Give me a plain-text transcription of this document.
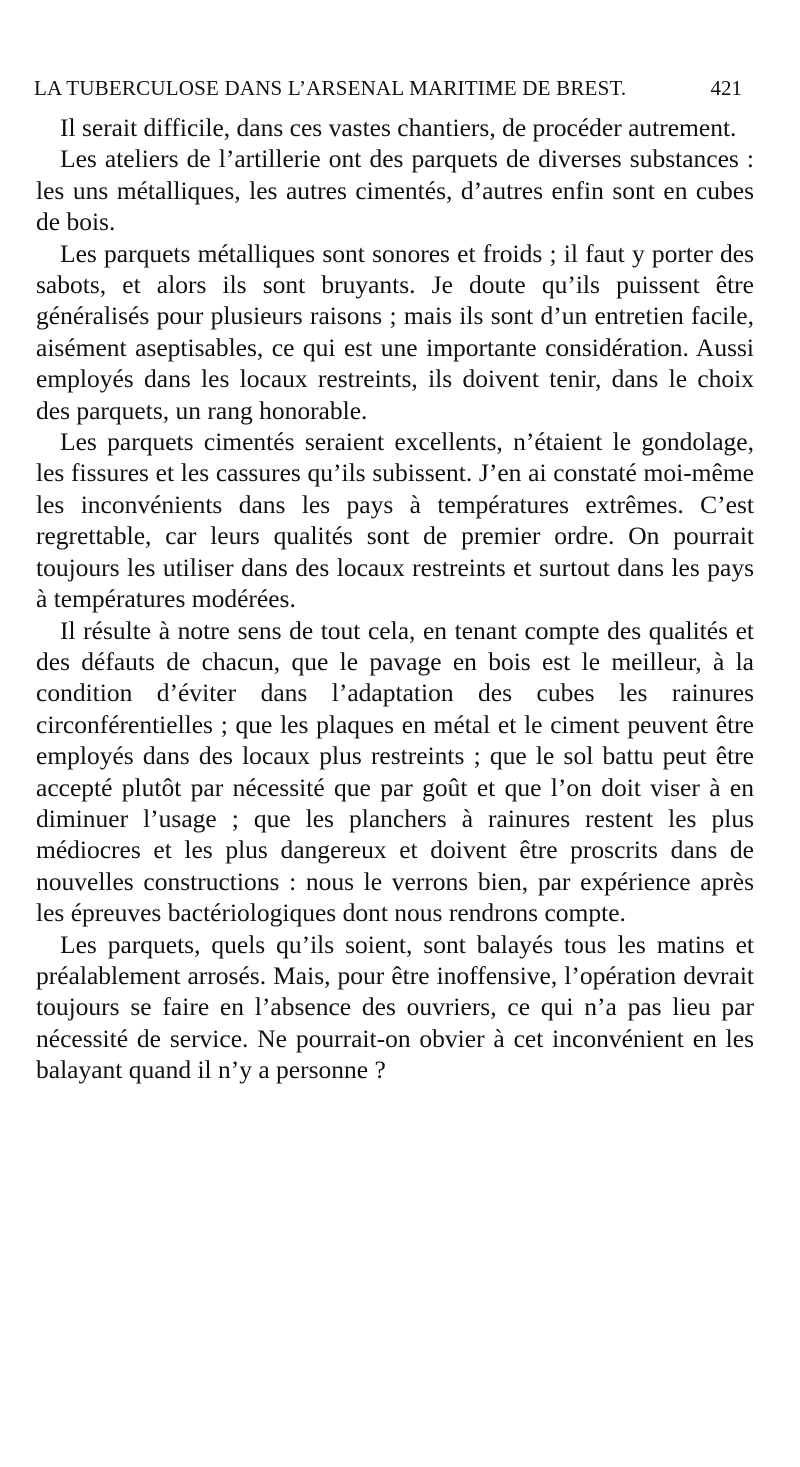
LA TUBERCULOSE DANS L’ARSENAL MARITIME DE BREST.	421

Il serait difficile, dans ces vastes chantiers, de procéder autrement.

Les ateliers de l’artillerie ont des parquets de diverses substances : les uns métalliques, les autres cimentés, d’autres enfin sont en cubes de bois.

Les parquets métalliques sont sonores et froids ; il faut y porter des sabots, et alors ils sont bruyants. Je doute qu’ils puissent être généralisés pour plusieurs raisons ; mais ils sont d’un entretien facile, aisément aseptisables, ce qui est une importante considération. Aussi employés dans les locaux restreints, ils doivent tenir, dans le choix des parquets, un rang honorable.

Les parquets cimentés seraient excellents, n’étaient le gondolage, les fissures et les cassures qu’ils subissent. J’en ai constaté moi-même les inconvénients dans les pays à températures extrêmes. C’est regrettable, car leurs qualités sont de premier ordre. On pourrait toujours les utiliser dans des locaux restreints et surtout dans les pays à températures modérées.

Il résulte à notre sens de tout cela, en tenant compte des qualités et des défauts de chacun, que le pavage en bois est le meilleur, à la condition d’éviter dans l’adaptation des cubes les rainures circonférentielles ; que les plaques en métal et le ciment peuvent être employés dans des locaux plus restreints ; que le sol battu peut être accepté plutôt par nécessité que par goût et que l’on doit viser à en diminuer l’usage ; que les planchers à rainures restent les plus médiocres et les plus dangereux et doivent être proscrits dans de nouvelles constructions : nous le verrons bien, par expérience après les épreuves bactériologiques dont nous rendrons compte.

Les parquets, quels qu’ils soient, sont balayés tous les matins et préalablement arrosés. Mais, pour être inoffensive, l’opération devrait toujours se faire en l’absence des ouvriers, ce qui n’a pas lieu par nécessité de service. Ne pourrait-on obvier à cet inconvénient en les balayant quand il n’y a personne ?
